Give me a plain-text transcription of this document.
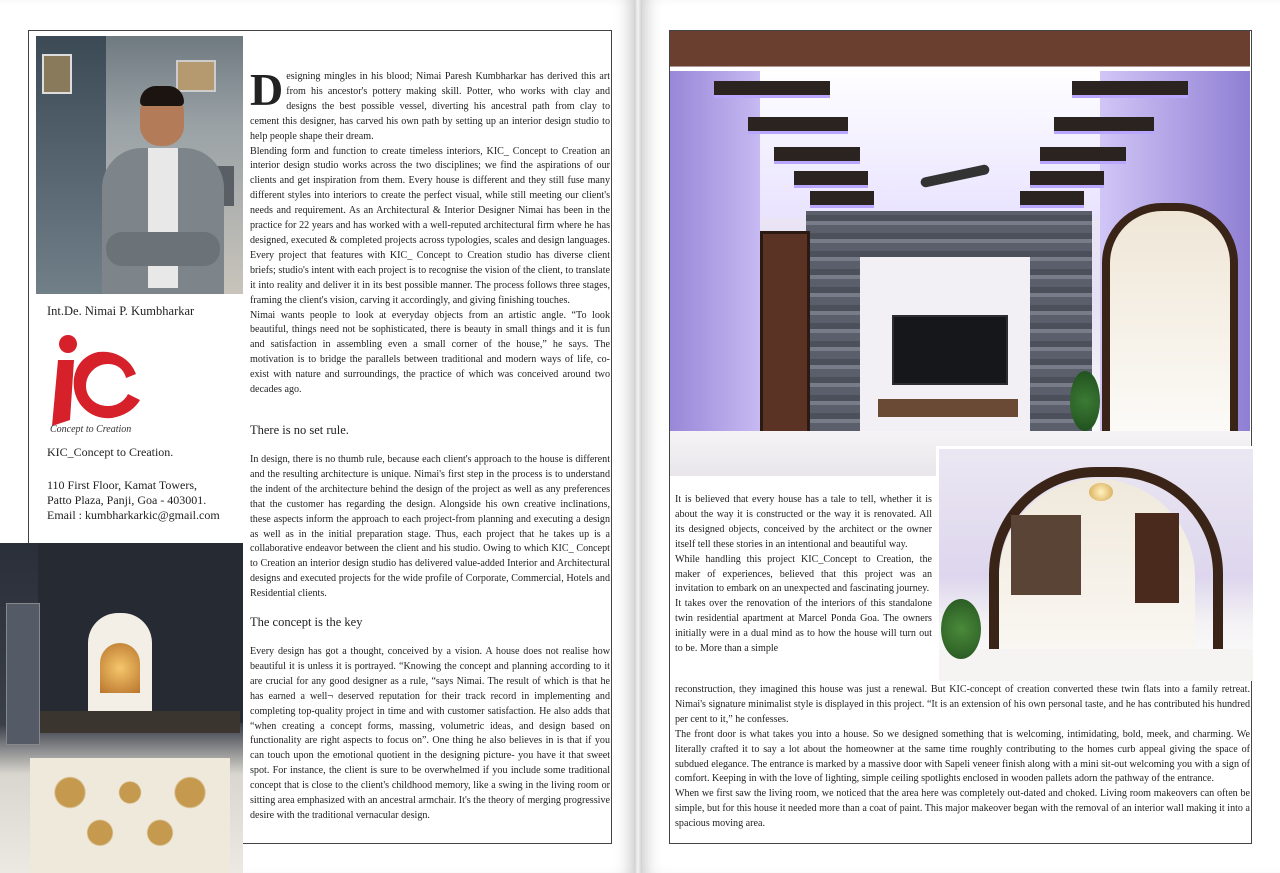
Int.De. Nimai P. Kumbharkar
Concept to Creation
KIC_Concept to Creation.
110 First Floor, Kamat Towers,
Patto Plaza, Panji, Goa - 403001.
Email : kumbharkarkic@gmail.com

Designing mingles in his blood; Nimai Paresh Kumbharkar has derived this art from his ancestor's pottery making skill. Potter, who works with clay and designs the best possible vessel, diverting his ancestral path from clay to cement this designer, has carved his own path by setting up an interior design studio to help people shape their dream.

Blending form and function to create timeless interiors, KIC_ Concept to Creation an interior design studio works across the two disciplines; we find the aspirations of our clients and get inspiration from them. Every house is different and they still fuse many different styles into interiors to create the perfect visual, while still meeting our client's needs and requirement. As an Architectural & Interior Designer Nimai has been in the practice for 22 years and has worked with a well-reputed architectural firm where he has designed, executed & completed projects across typologies, scales and design languages. Every project that features with KIC_ Concept to Creation studio has diverse client briefs; studio's intent with each project is to recognise the vision of the client, to translate it into reality and deliver it in its best possible manner. The process follows three stages, framing the client's vision, carving it accordingly, and giving finishing touches.

Nimai wants people to look at everyday objects from an artistic angle. “To look beautiful, things need not be sophisticated, there is beauty in small things and it is fun and satisfaction in assembling even a small corner of the house,” he says. The motivation is to bridge the parallels between traditional and modern ways of life, co-exist with nature and surroundings, the practice of which was conceived around two decades ago.

There is no set rule.
In design, there is no thumb rule, because each client's approach to the house is different and the resulting architecture is unique. Nimai's first step in the process is to understand the indent of the architecture behind the design of the project as well as any preferences that the customer has regarding the design. Alongside his own creative inclinations, these aspects inform the approach to each project-from planning and executing a design as well as in the initial preparation stage. Thus, each project that he takes up is a collaborative endeavor between the client and his studio. Owing to which KIC_ Concept to Creation an interior design studio has delivered value-added Interior and Architectural designs and executed projects for the wide profile of Corporate, Commercial, Hotels and Residential clients.
The concept is the key
Every design has got a thought, conceived by a vision. A house does not realise how beautiful it is unless it is portrayed. “Knowing the concept and planning according to it are crucial for any good designer as a rule, “says Nimai. The result of which is that he has earned a well¬ deserved reputation for their track record in implementing and completing top-quality project in time and with customer satisfaction. He also adds that “when creating a concept forms, massing, volumetric ideas, and design based on functionality are right aspects to focus on”. One thing he also believes in is that if you can touch upon the emotional quotient in the designing picture- you have it that sweet spot. For instance, the client is sure to be overwhelmed if you include some traditional concept that is close to the client's childhood memory, like a swing in the living room or sitting area emphasized with an ancestral armchair. It's the theory of merging progressive desire with the traditional vernacular design.

It is believed that every house has a tale to tell, whether it is about the way it is constructed or the way it is renovated. All its designed objects, conceived by the architect or the owner itself tell these stories in an intentional and beautiful way.

While handling this project KIC_Concept to Creation, the maker of experiences, believed that this project was an invitation to embark on an unexpected and fascinating journey.

It takes over the renovation of the interiors of this standalone twin residential apartment at Marcel Ponda Goa. The owners initially were in a dual mind as to how the house will turn out to be. More than a simple

reconstruction, they imagined this house was just a renewal. But KIC-concept of creation converted these twin flats into a family retreat. Nimai's signature minimalist style is displayed in this project. “It is an extension of his own personal taste, and he has contributed his hundred per cent to it,” he confesses.

The front door is what takes you into a house. So we designed something that is welcoming, intimidating, bold, meek, and charming. We literally crafted it to say a lot about the homeowner at the same time roughly contributing to the homes curb appeal giving the space of subdued elegance. The entrance is marked by a massive door with Sapeli veneer finish along with a mini sit-out welcoming you with a sign of comfort. Keeping in with the love of lighting, simple ceiling spotlights enclosed in wooden pallets adorn the pathway of the entrance.

When we first saw the living room, we noticed that the area here was completely out-dated and choked. Living room makeovers can often be simple, but for this house it needed more than a coat of paint. This major makeover began with the removal of an interior wall making it into a spacious moving area.
